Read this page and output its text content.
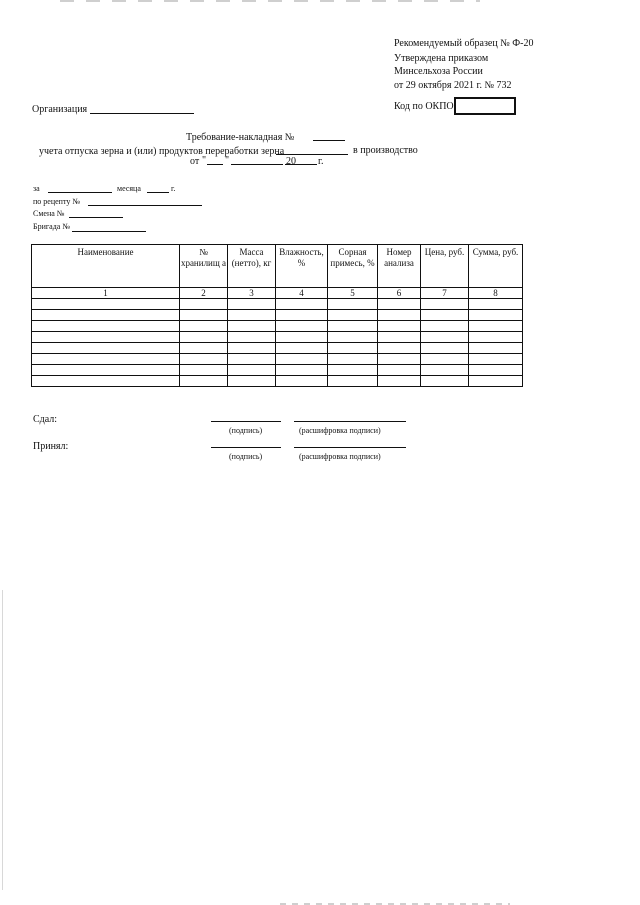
Рекомендуемый образец № Ф-20
Утверждена приказом
Минсельхоза России
от 29 октября 2021 г. № 732
Организация	Код по ОКПО
Требование-накладная №
учета отпуска зерна и (или) продуктов переработки зерна	в производство
от " "	20 г.
за	месяца	г.
по рецепту №
Смена №
Бригада №
Наименование	№ хранилищ а	Масса (нетто), кг	Влажность, %	Сорная примесь, %	Номер анализа	Цена, руб.	Сумма, руб.
1	2	3	4	5	6	7	8

Сдал:
(подпись)	(расшифровка подписи)
Принял:
(подпись)	(расшифровка подписи)
